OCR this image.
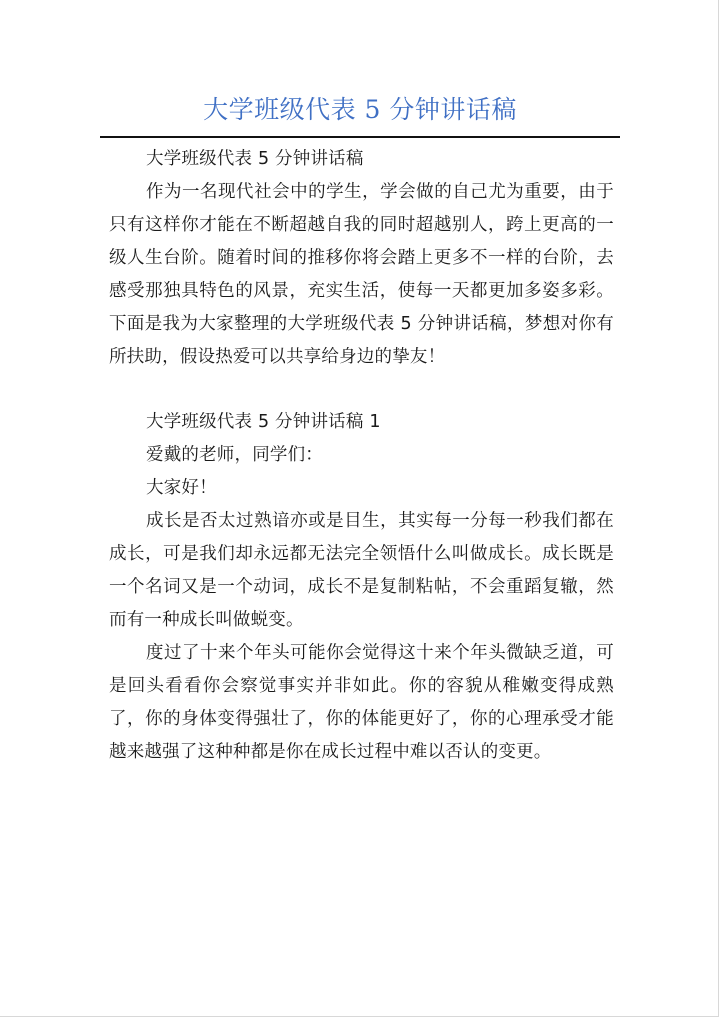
大学班级代表 5 分钟讲话稿

大学班级代表 5 分钟讲话稿

作为一名现代社会中的学生，学会做的自己尤为重要，由于只有这样你才能在不断超越自我的同时超越别人，跨上更高的一级人生台阶。随着时间的推移你将会踏上更多不一样的台阶，去感受那独具特色的风景，充实生活，使每一天都更加多姿多彩。下面是我为大家整理的大学班级代表 5 分钟讲话稿，梦想对你有所扶助，假设热爱可以共享给身边的挚友！

大学班级代表 5 分钟讲话稿 1

爱戴的老师，同学们：

大家好！

成长是否太过熟谙亦或是目生，其实每一分每一秒我们都在成长，可是我们却永远都无法完全领悟什么叫做成长。成长既是一个名词又是一个动词，成长不是复制粘帖，不会重蹈复辙，然而有一种成长叫做蜕变。

度过了十来个年头可能你会觉得这十来个年头微缺乏道，可是回头看看你会察觉事实并非如此。你的容貌从稚嫩变得成熟了，你的身体变得强壮了，你的体能更好了，你的心理承受才能越来越强了这种种都是你在成长过程中难以否认的变更。
